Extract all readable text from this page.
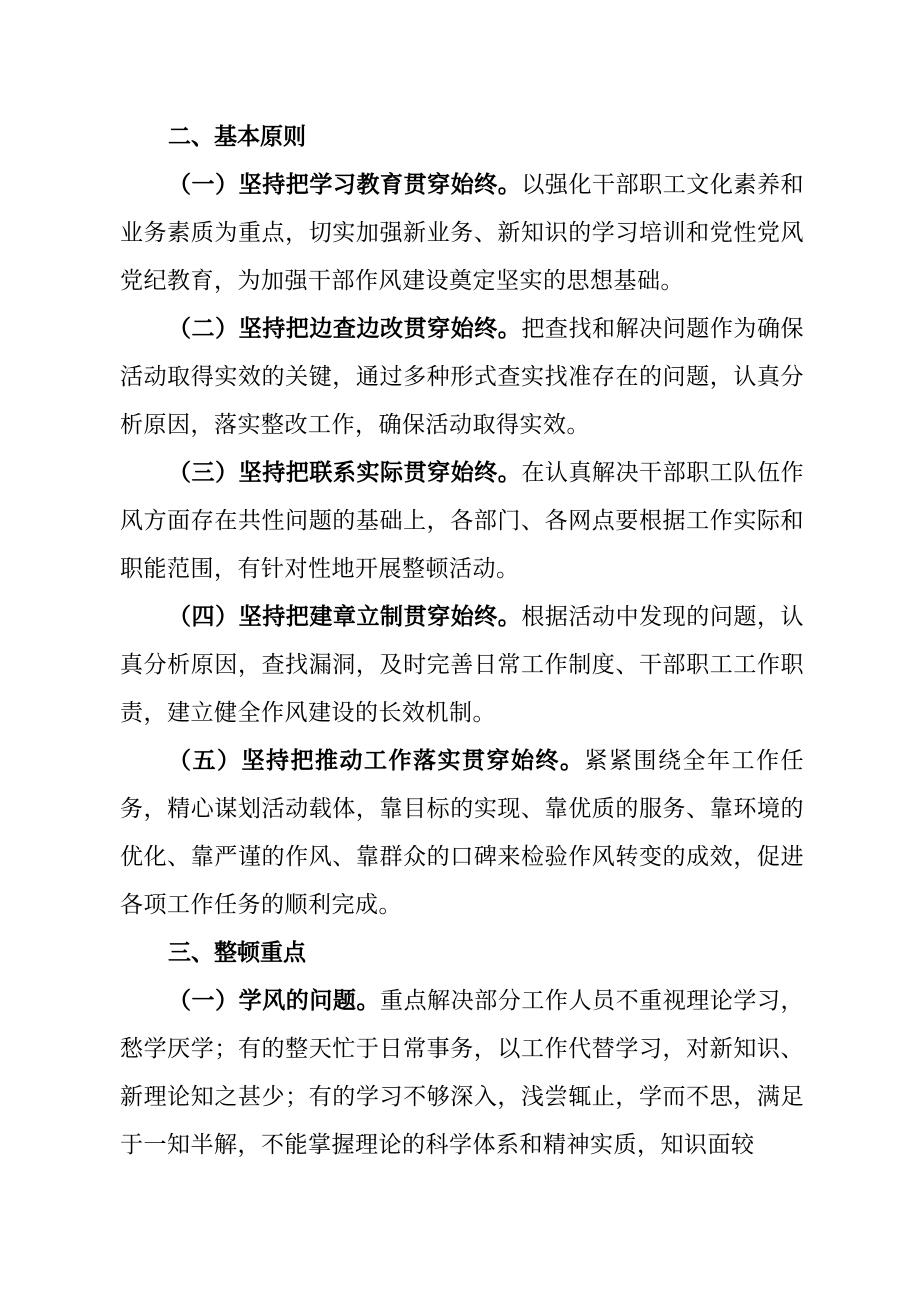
二、基本原则
（一）坚持把学习教育贯穿始终。以强化干部职工文化素养和业务素质为重点，切实加强新业务、新知识的学习培训和党性党风党纪教育，为加强干部作风建设奠定坚实的思想基础。
（二）坚持把边查边改贯穿始终。把查找和解决问题作为确保活动取得实效的关键，通过多种形式查实找准存在的问题，认真分析原因，落实整改工作，确保活动取得实效。
（三）坚持把联系实际贯穿始终。在认真解决干部职工队伍作风方面存在共性问题的基础上，各部门、各网点要根据工作实际和职能范围，有针对性地开展整顿活动。
（四）坚持把建章立制贯穿始终。根据活动中发现的问题，认真分析原因，查找漏洞，及时完善日常工作制度、干部职工工作职责，建立健全作风建设的长效机制。
（五）坚持把推动工作落实贯穿始终。紧紧围绕全年工作任务，精心谋划活动载体，靠目标的实现、靠优质的服务、靠环境的优化、靠严谨的作风、靠群众的口碑来检验作风转变的成效，促进各项工作任务的顺利完成。
三、整顿重点
（一）学风的问题。重点解决部分工作人员不重视理论学习，愁学厌学；有的整天忙于日常事务，以工作代替学习，对新知识、新理论知之甚少；有的学习不够深入，浅尝辄止，学而不思，满足于一知半解，不能掌握理论的科学体系和精神实质，知识面较
